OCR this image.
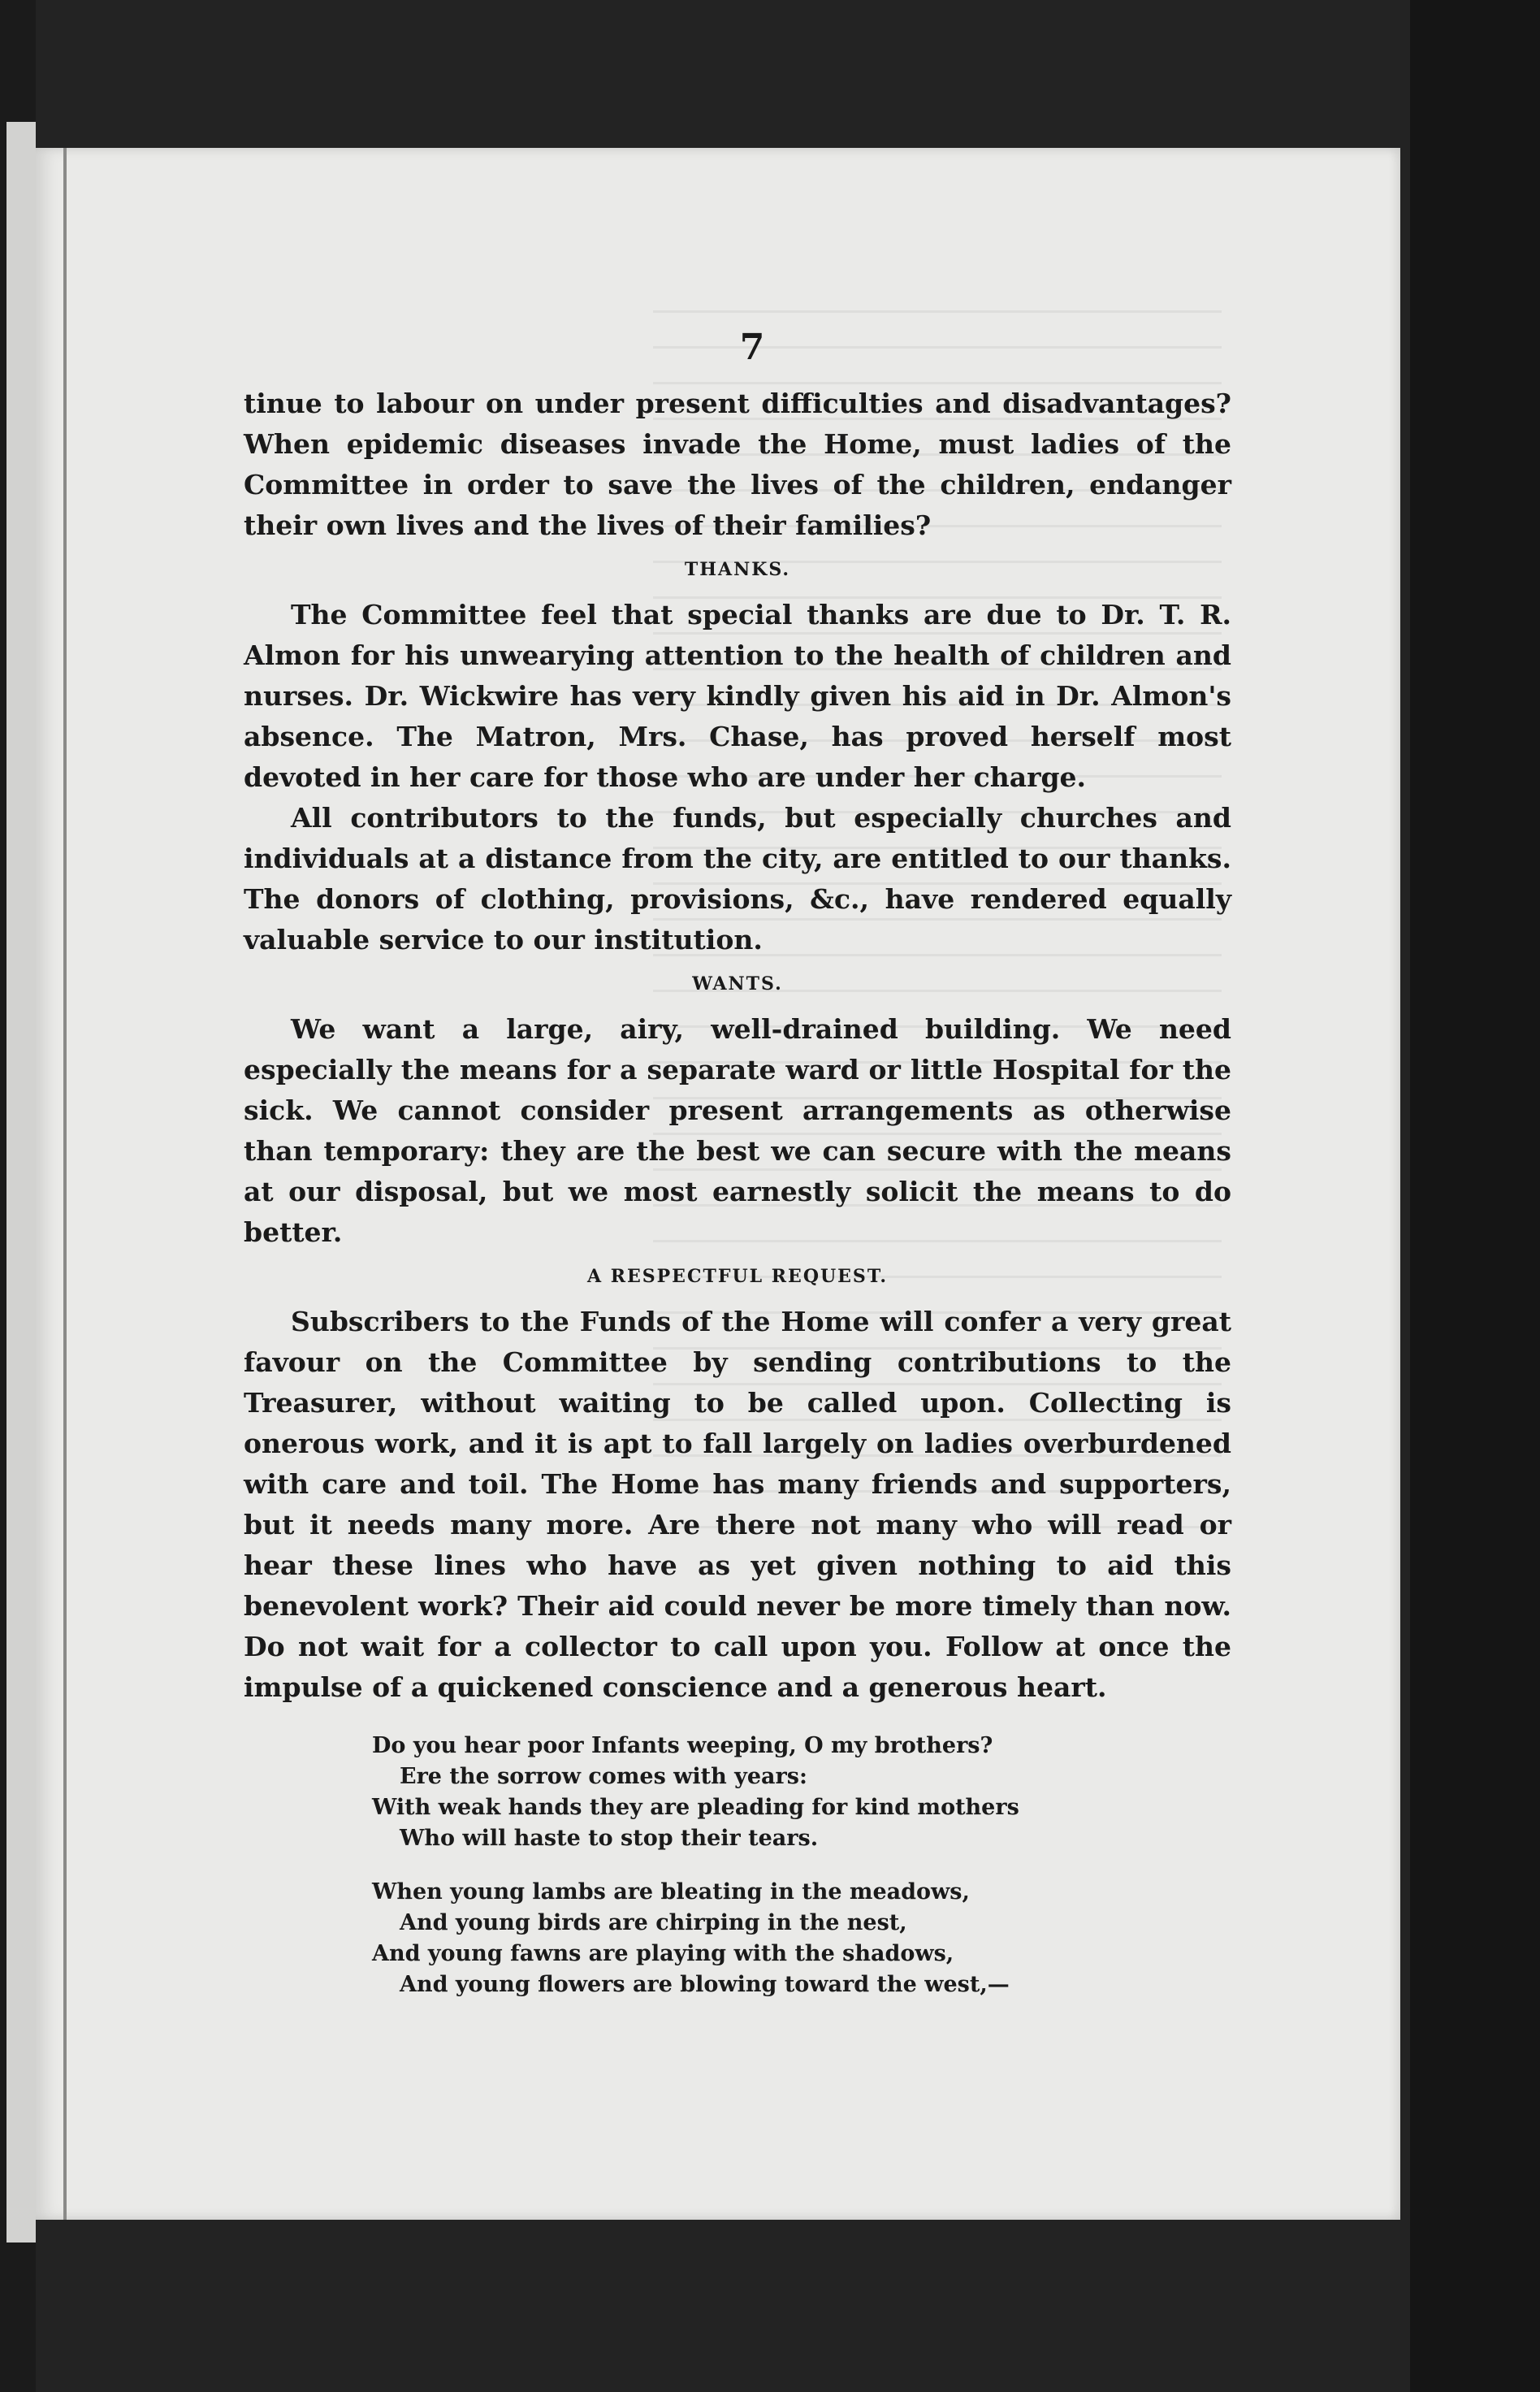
7

tinue to labour on under present difficulties and disadvantages? When epidemic diseases invade the Home, must ladies of the Committee in order to save the lives of the children, endanger their own lives and the lives of their families?

THANKS.

The Committee feel that special thanks are due to Dr. T. R. Almon for his unwearying attention to the health of children and nurses. Dr. Wickwire has very kindly given his aid in Dr. Almon's absence. The Matron, Mrs. Chase, has proved herself most devoted in her care for those who are under her charge.

All contributors to the funds, but especially churches and individuals at a distance from the city, are entitled to our thanks. The donors of clothing, provisions, &c., have rendered equally valuable service to our institution.

WANTS.

We want a large, airy, well-drained building. We need especially the means for a separate ward or little Hospital for the sick. We cannot consider present arrangements as otherwise than temporary: they are the best we can secure with the means at our disposal, but we most earnestly solicit the means to do better.

A RESPECTFUL REQUEST.

Subscribers to the Funds of the Home will confer a very great favour on the Committee by sending contributions to the Treasurer, without waiting to be called upon. Collecting is onerous work, and it is apt to fall largely on ladies overburdened with care and toil. The Home has many friends and supporters, but it needs many more. Are there not many who will read or hear these lines who have as yet given nothing to aid this benevolent work? Their aid could never be more timely than now. Do not wait for a collector to call upon you. Follow at once the impulse of a quickened conscience and a generous heart.

Do you hear poor Infants weeping, O my brothers?
Ere the sorrow comes with years:
With weak hands they are pleading for kind mothers
Who will haste to stop their tears.
When young lambs are bleating in the meadows,
And young birds are chirping in the nest,
And young fawns are playing with the shadows,
And young flowers are blowing toward the west,—
